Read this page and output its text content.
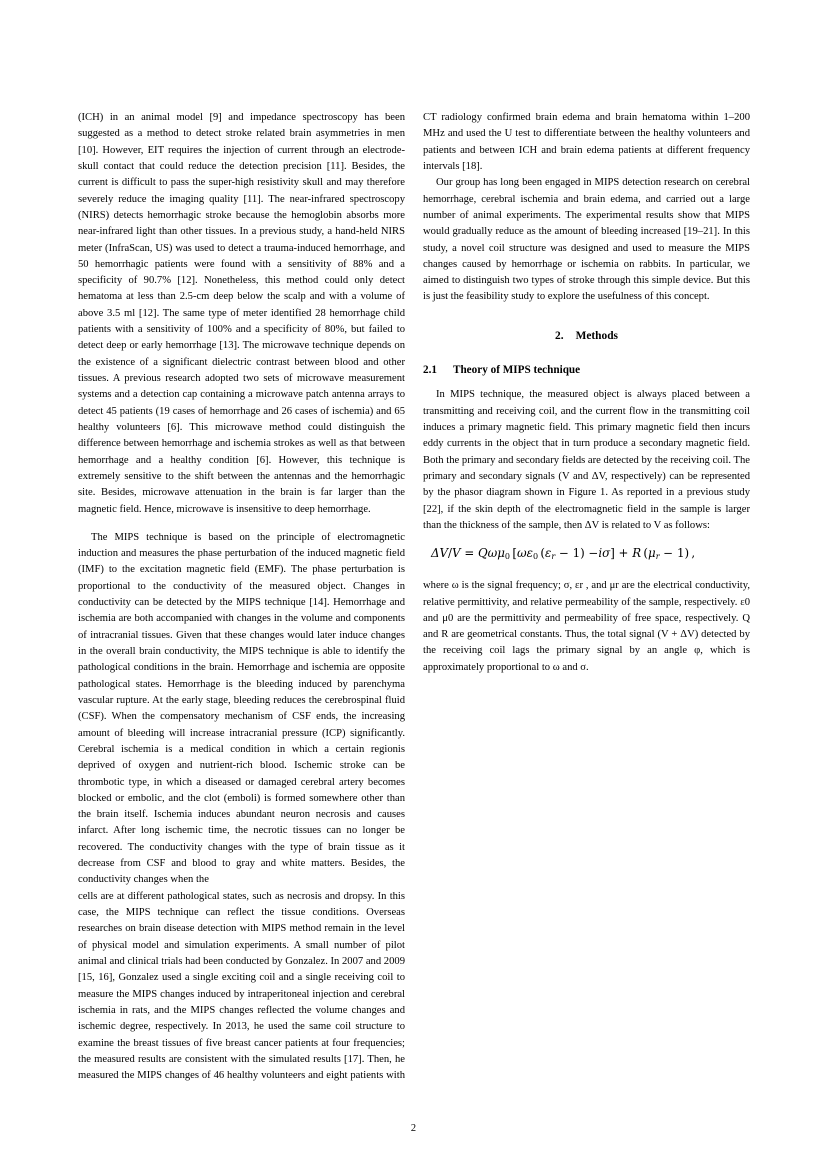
(ICH) in an animal model [9] and impedance spectroscopy has been suggested as a method to detect stroke related brain asymmetries in men [10]. However, EIT requires the injection of current through an electrode-skull contact that could reduce the detection precision [11]. Besides, the current is difficult to pass the super-high resistivity skull and may therefore severely reduce the imaging quality [11]. The near-infrared spectroscopy (NIRS) detects hemorrhagic stroke because the hemoglobin absorbs more near-infrared light than other tissues. In a previous study, a hand-held NIRS meter (InfraScan, US) was used to detect a trauma-induced hemorrhage, and 50 hemorrhagic patients were found with a sensitivity of 88% and a specificity of 90.7% [12]. Nonetheless, this method could only detect hematoma at less than 2.5-cm deep below the scalp and with a volume of above 3.5 ml [12]. The same type of meter identified 28 hemorrhage child patients with a sensitivity of 100% and a specificity of 80%, but failed to detect deep or early hemorrhage [13]. The microwave technique depends on the existence of a significant dielectric contrast between blood and other tissues. A previous research adopted two sets of microwave measurement systems and a detection cap containing a microwave patch antenna arrays to detect 45 patients (19 cases of hemorrhage and 26 cases of ischemia) and 65 healthy volunteers [6]. This microwave method could distinguish the difference between hemorrhage and ischemia strokes as well as that between hemorrhage and a healthy condition [6]. However, this technique is extremely sensitive to the shift between the antennas and the hemorrhagic site. Besides, microwave attenuation in the brain is far larger than the magnetic field. Hence, microwave is insensitive to deep hemorrhage.

The MIPS technique is based on the principle of electromagnetic induction and measures the phase perturbation of the induced magnetic field (IMF) to the excitation magnetic field (EMF). The phase perturbation is proportional to the conductivity of the measured object. Changes in conductivity can be detected by the MIPS technique [14]. Hemorrhage and ischemia are both accompanied with changes in the volume and components of intracranial tissues. Given that these changes would later induce changes in the overall brain conductivity, the MIPS technique is able to identify the pathological conditions in the brain. Hemorrhage and ischemia are opposite pathological states. Hemorrhage is the bleeding induced by parenchyma vascular rupture. At the early stage, bleeding reduces the cerebrospinal fluid (CSF). When the compensatory mechanism of CSF ends, the increasing amount of bleeding will increase intracranial pressure (ICP) significantly. Cerebral ischemia is a medical condition in which a certain regionis deprived of oxygen and nutrient-rich blood. Ischemic stroke can be thrombotic type, in which a diseased or damaged cerebral artery becomes blocked or embolic, and the clot (emboli) is formed somewhere other than the brain itself. Ischemia induces abundant neuron necrosis and causes infarct. After long ischemic time, the necrotic tissues can no longer be recovered. The conductivity changes with the type of brain tissue as it decrease from CSF and blood to gray and white matters. Besides, the conductivity changes when the

cells are at different pathological states, such as necrosis and dropsy. In this case, the MIPS technique can reflect the tissue conditions. Overseas researches on brain disease detection with MIPS method remain in the level of physical model and simulation experiments. A small number of pilot animal and clinical trials had been conducted by Gonzalez. In 2007 and 2009 [15, 16], Gonzalez used a single exciting coil and a single receiving coil to measure the MIPS changes induced by intraperitoneal injection and cerebral ischemia in rats, and the MIPS changes reflected the volume changes and ischemic degree, respectively. In 2013, he used the same coil structure to examine the breast tissues of five breast cancer patients at four frequencies; the measured results are consistent with the simulated results [17]. Then, he measured the MIPS changes of 46 healthy volunteers and eight patients with CT radiology confirmed brain edema and brain hematoma within 1–200 MHz and used the U test to differentiate between the healthy volunteers and patients and between ICH and brain edema patients at different frequency intervals [18].

Our group has long been engaged in MIPS detection research on cerebral hemorrhage, cerebral ischemia and brain edema, and carried out a large number of animal experiments. The experimental results show that MIPS would gradually reduce as the amount of bleeding increased [19–21]. In this study, a novel coil structure was designed and used to measure the MIPS changes caused by hemorrhage or ischemia on rabbits. In particular, we aimed to distinguish two types of stroke through this simple device. But this is just the feasibility study to explore the usefulness of this concept.

2. Methods
2.1 Theory of MIPS technique

In MIPS technique, the measured object is always placed between a transmitting and receiving coil, and the current flow in the transmitting coil induces a primary magnetic field. This primary magnetic field then incurs eddy currents in the object that in turn produce a secondary magnetic field. Both the primary and secondary fields are detected by the receiving coil. The primary and secondary signals (V and ΔV, respectively) can be represented by the phasor diagram shown in Figure 1. As reported in a previous study [22], if the skin depth of the electromagnetic field in the sample is larger than the thickness of the sample, then ΔV is related to V as follows:

ΔV/V = Qωμ$_0$ [$\omega\varepsilon_0$ $(\varepsilon_r - 1) -i\sigma] + R$ $(\mu_r - 1)$ ,

where ω is the signal frequency; σ, εr , and μr are the electrical conductivity, relative permittivity, and relative permeability of the sample, respectively. ε0 and μ0 are the permittivity and permeability of free space, respectively. Q and R are geometrical constants. Thus, the total signal (V + ΔV) detected by the receiving coil lags the primary signal by an angle φ, which is approximately proportional to ω and σ.

2
